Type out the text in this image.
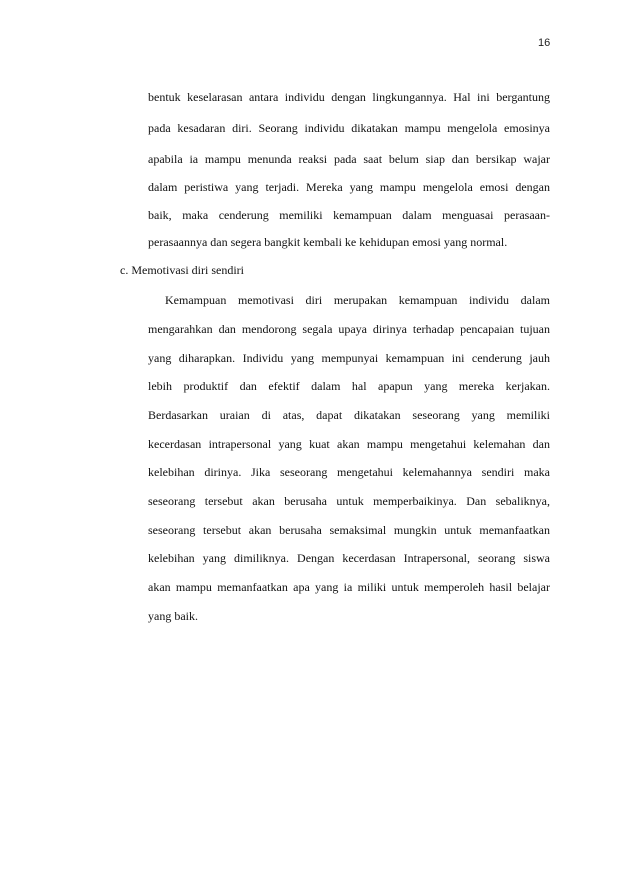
16
bentuk keselarasan antara individu dengan lingkungannya. Hal ini bergantung
pada kesadaran diri. Seorang individu dikatakan mampu mengelola emosinya
apabila ia mampu menunda reaksi pada saat belum siap dan bersikap wajar
dalam peristiwa yang terjadi. Mereka yang mampu mengelola emosi dengan
baik, maka cenderung memiliki kemampuan dalam menguasai perasaan-
perasaannya dan segera bangkit kembali ke kehidupan emosi yang normal.
c. Memotivasi diri sendiri
Kemampuan memotivasi diri merupakan kemampuan individu dalam
mengarahkan dan mendorong segala upaya dirinya terhadap pencapaian tujuan
yang diharapkan. Individu yang mempunyai kemampuan ini cenderung jauh
lebih produktif dan efektif dalam hal apapun yang mereka kerjakan.
Berdasarkan uraian di atas, dapat dikatakan seseorang yang memiliki
kecerdasan intrapersonal yang kuat akan mampu mengetahui kelemahan dan
kelebihan dirinya. Jika seseorang mengetahui kelemahannya sendiri maka
seseorang tersebut akan berusaha untuk memperbaikinya. Dan sebaliknya,
seseorang tersebut akan berusaha semaksimal mungkin untuk memanfaatkan
kelebihan yang dimiliknya. Dengan kecerdasan Intrapersonal, seorang siswa
akan mampu memanfaatkan apa yang ia miliki untuk memperoleh hasil belajar
yang baik.
